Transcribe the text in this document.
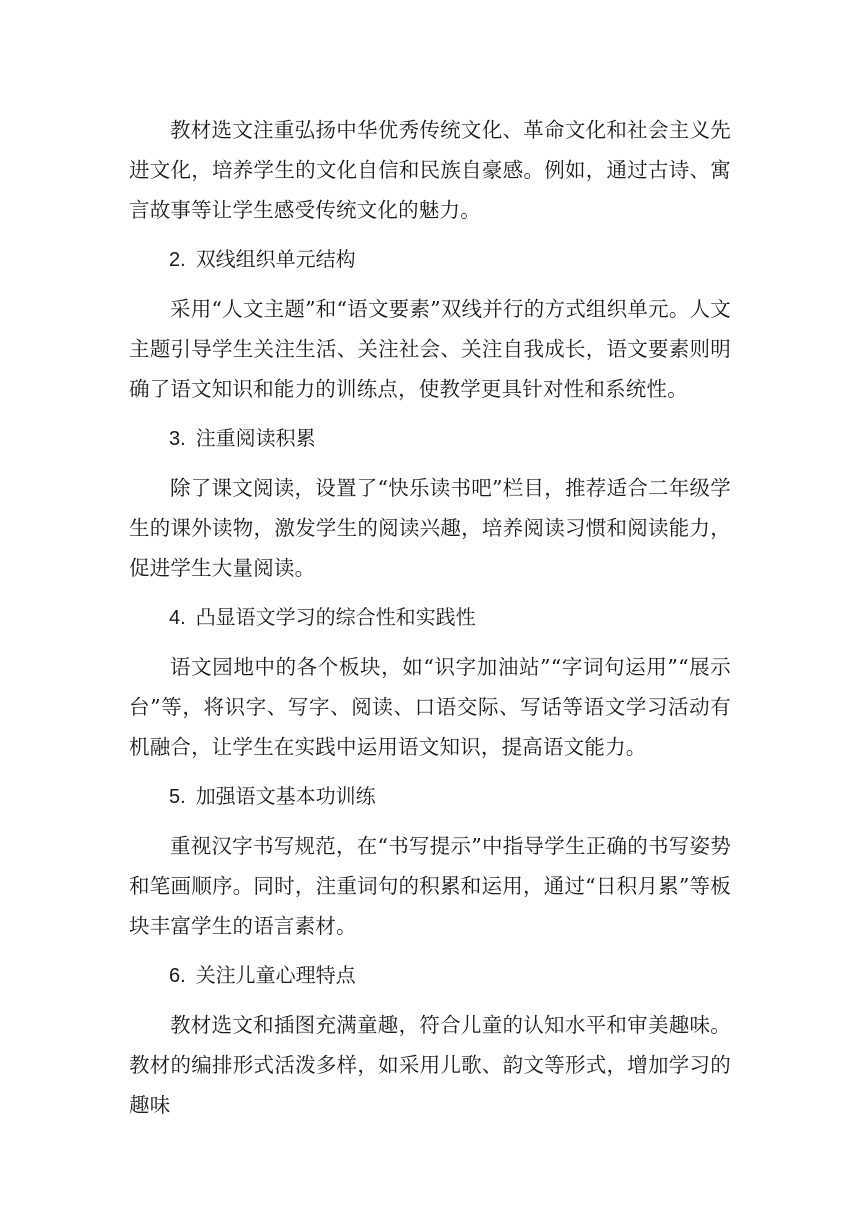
教材选文注重弘扬中华优秀传统文化、革命文化和社会主义先进文化，培养学生的文化自信和民族自豪感。例如，通过古诗、寓言故事等让学生感受传统文化的魅力。

2. 双线组织单元结构

采用“人文主题”和“语文要素”双线并行的方式组织单元。人文主题引导学生关注生活、关注社会、关注自我成长，语文要素则明确了语文知识和能力的训练点，使教学更具针对性和系统性。

3. 注重阅读积累

除了课文阅读，设置了“快乐读书吧”栏目，推荐适合二年级学生的课外读物，激发学生的阅读兴趣，培养阅读习惯和阅读能力，促进学生大量阅读。

4. 凸显语文学习的综合性和实践性

语文园地中的各个板块，如“识字加油站”“字词句运用”“展示台”等，将识字、写字、阅读、口语交际、写话等语文学习活动有机融合，让学生在实践中运用语文知识，提高语文能力。

5. 加强语文基本功训练

重视汉字书写规范，在“书写提示”中指导学生正确的书写姿势和笔画顺序。同时，注重词句的积累和运用，通过“日积月累”等板块丰富学生的语言素材。

6. 关注儿童心理特点

教材选文和插图充满童趣，符合儿童的认知水平和审美趣味。教材的编排形式活泼多样，如采用儿歌、韵文等形式，增加学习的趣味
